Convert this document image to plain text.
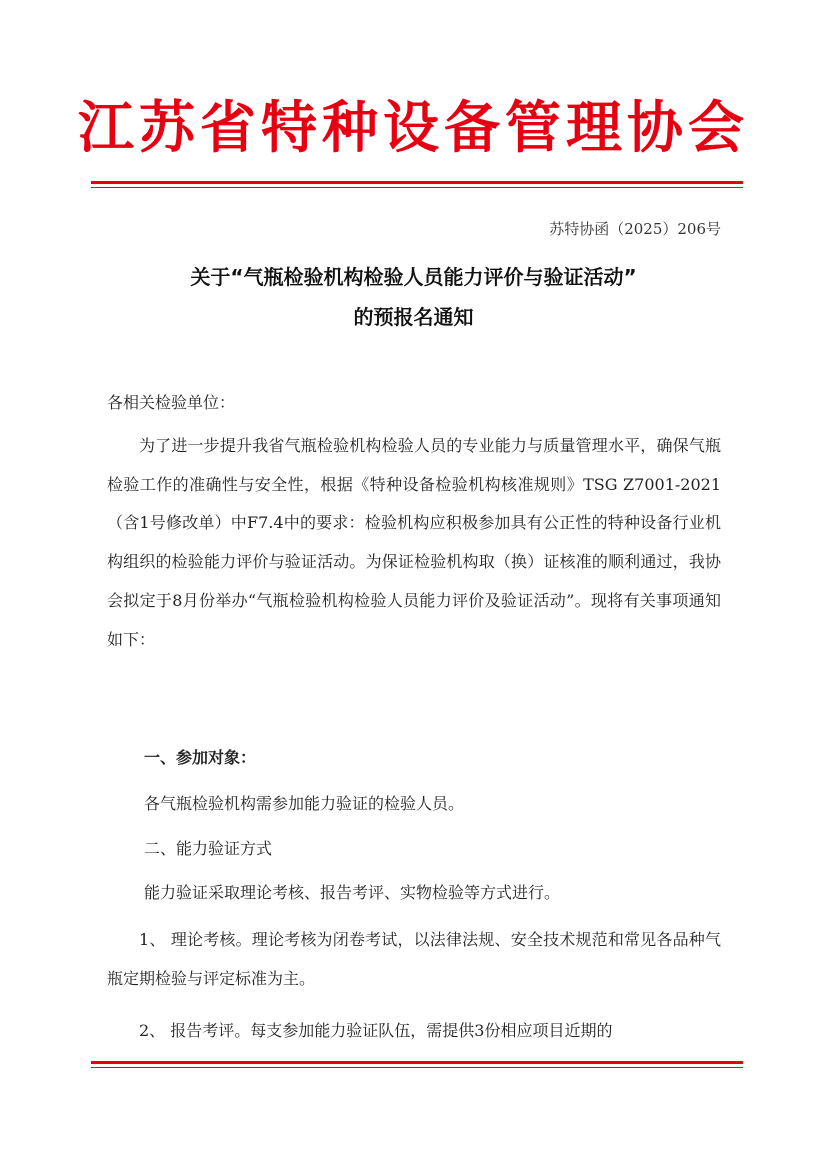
江苏省特种设备管理协会
苏特协函（2025）206号
关于“气瓶检验机构检验人员能力评价与验证活动”
的预报名通知
各相关检验单位：
为了进一步提升我省气瓶检验机构检验人员的专业能力与质量管理水平，确保气瓶检验工作的准确性与安全性，根据《特种设备检验机构核准规则》TSG Z7001-2021（含1号修改单）中F7.4中的要求：检验机构应积极参加具有公正性的特种设备行业机构组织的检验能力评价与验证活动。为保证检验机构取（换）证核准的顺利通过，我协会拟定于8月份举办“气瓶检验机构检验人员能力评价及验证活动”。现将有关事项通知如下：
一、参加对象：
各气瓶检验机构需参加能力验证的检验人员。
二、能力验证方式
能力验证采取理论考核、报告考评、实物检验等方式进行。
1、 理论考核。理论考核为闭卷考试，以法律法规、安全技术规范和常见各品种气瓶定期检验与评定标准为主。
2、 报告考评。每支参加能力验证队伍，需提供3份相应项目近期的
